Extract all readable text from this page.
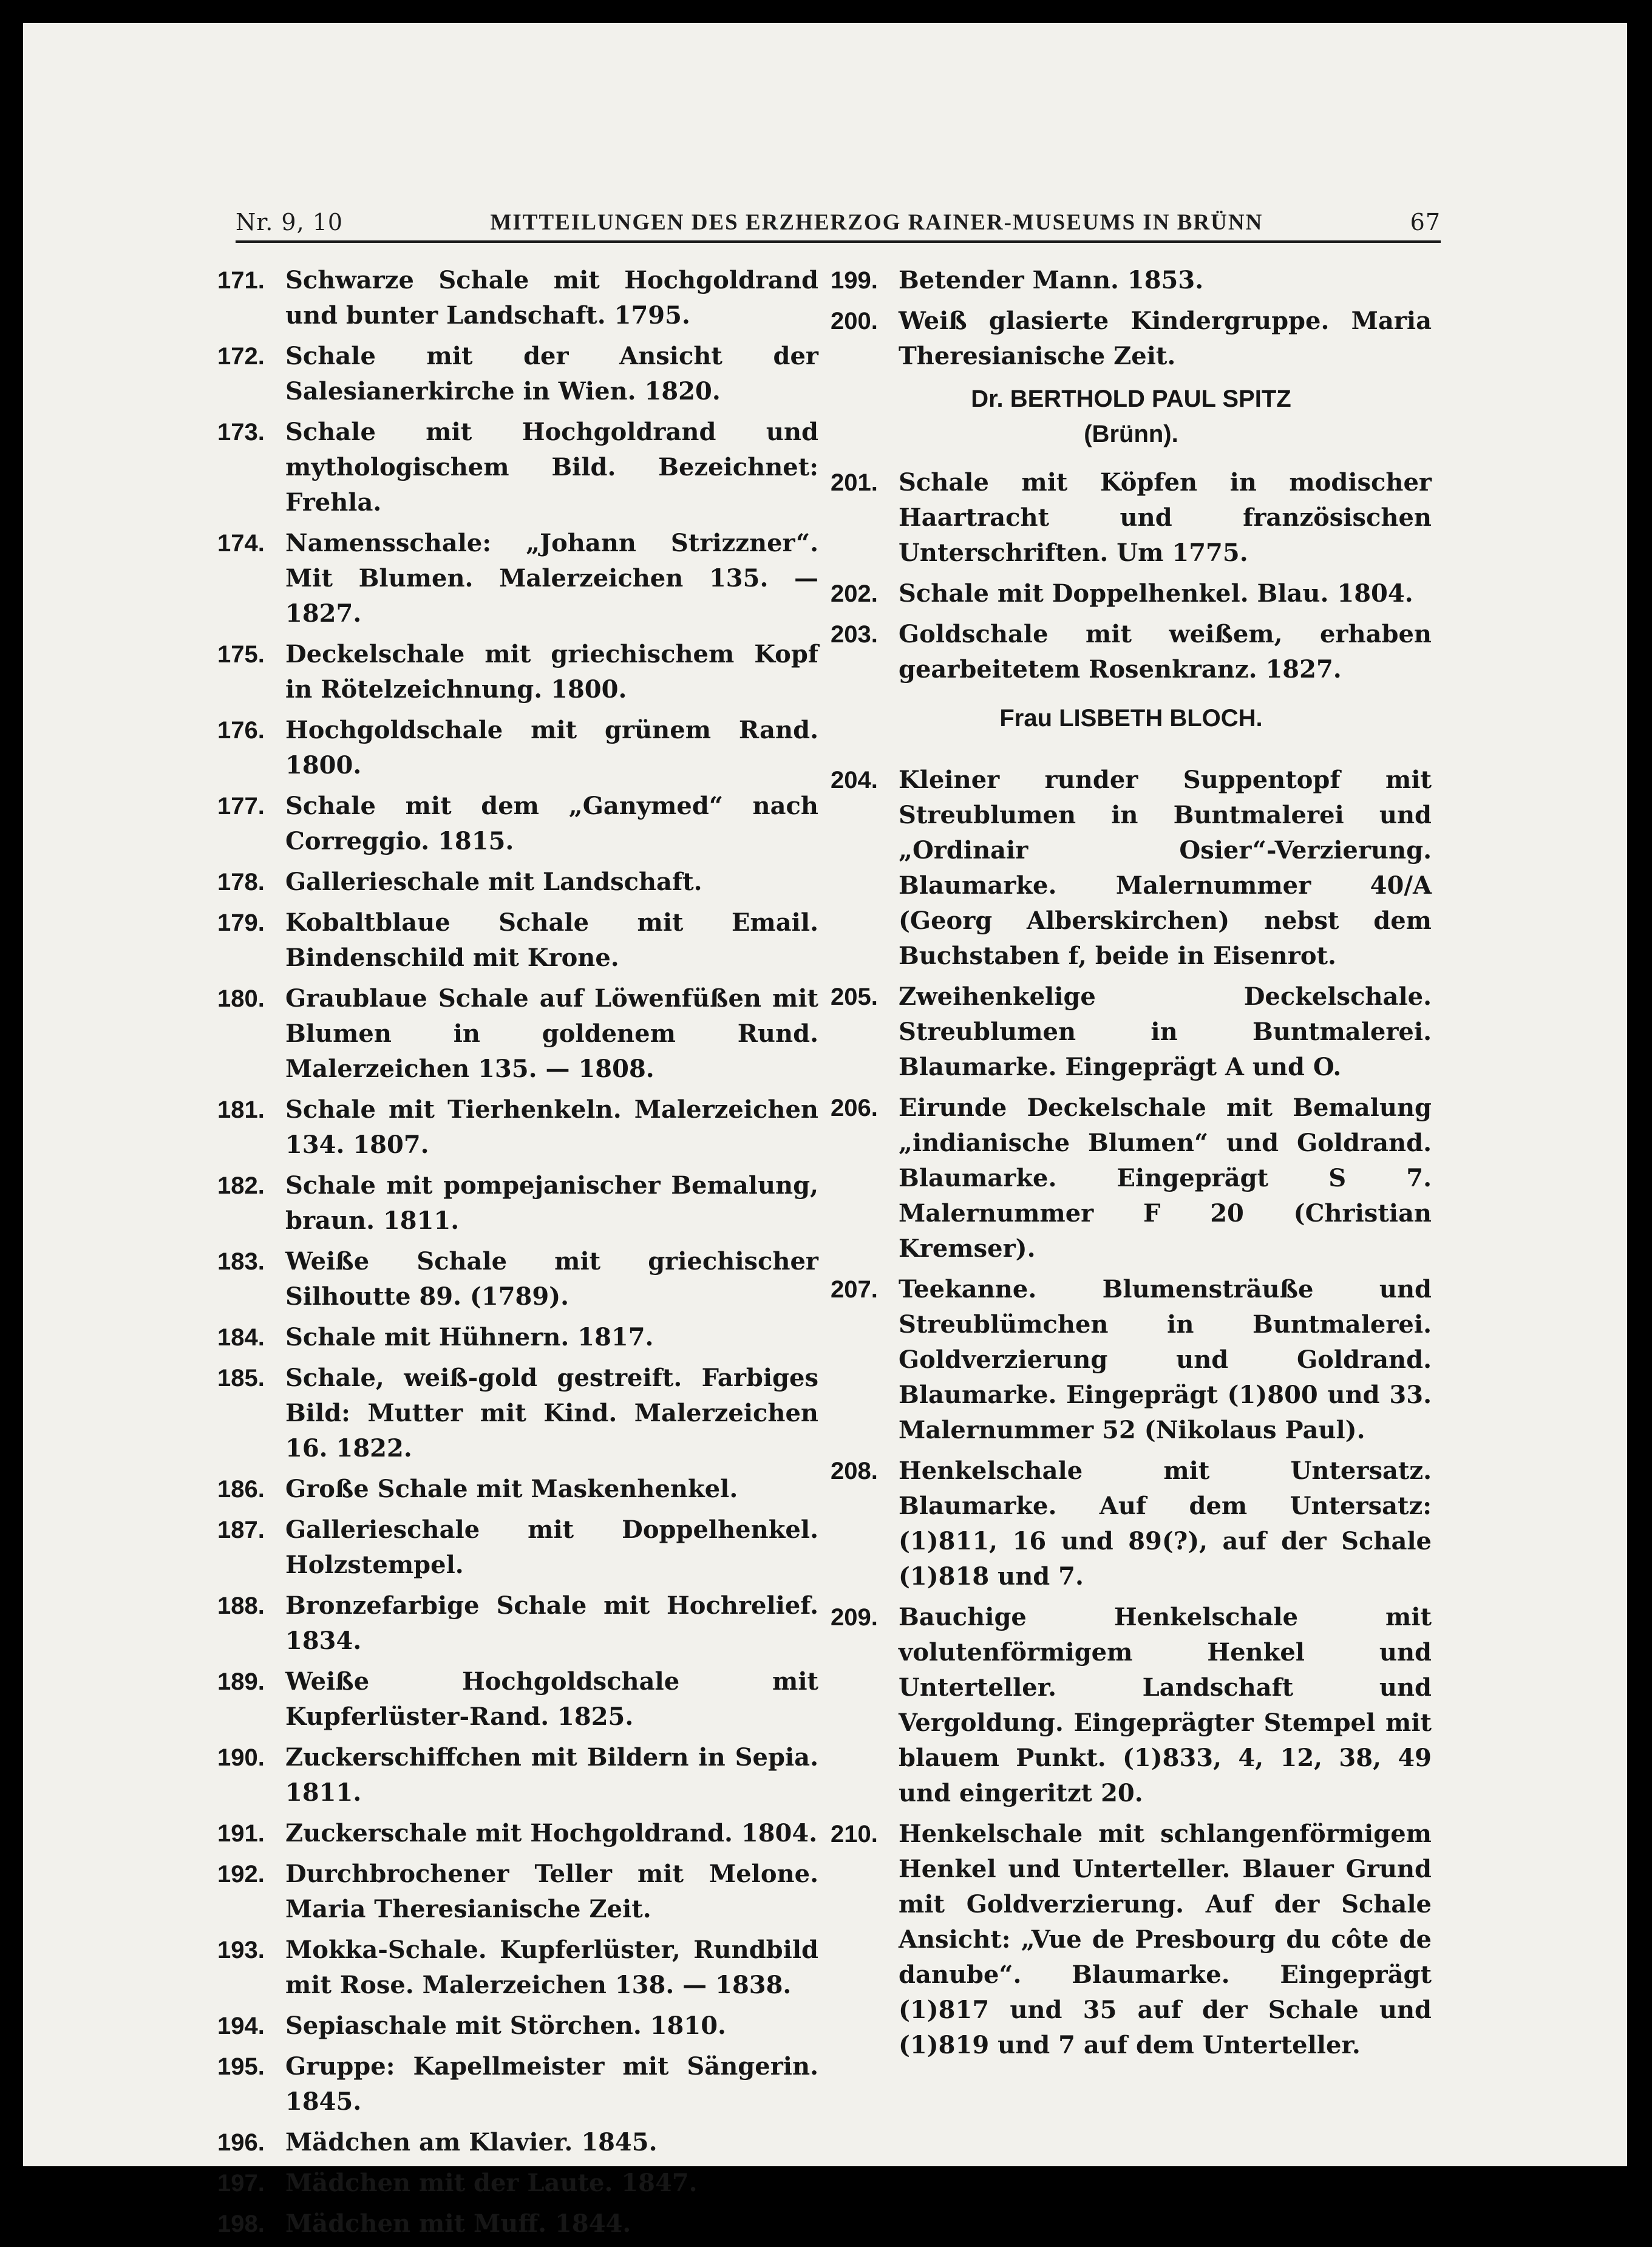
Nr. 9, 10	MITTEILUNGEN DES ERZHERZOG RAINER-MUSEUMS IN BRÜNN	67
171. Schwarze Schale mit Hochgoldrand und bunter Landschaft. 1795.
172. Schale mit der Ansicht der Salesianerkirche in Wien. 1820.
173. Schale mit Hochgoldrand und mythologischem Bild. Bezeichnet: Frehla.
174. Namensschale: „Johann Strizzner“. Mit Blumen. Malerzeichen 135. — 1827.
175. Deckelschale mit griechischem Kopf in Rötelzeichnung. 1800.
176. Hochgoldschale mit grünem Rand. 1800.
177. Schale mit dem „Ganymed“ nach Correggio. 1815.
178. Gallerieschale mit Landschaft.
179. Kobaltblaue Schale mit Email. Bindenschild mit Krone.
180. Graublaue Schale auf Löwenfüßen mit Blumen in goldenem Rund. Malerzeichen 135. — 1808.
181. Schale mit Tierhenkeln. Malerzeichen 134. 1807.
182. Schale mit pompejanischer Bemalung, braun. 1811.
183. Weiße Schale mit griechischer Silhoutte 89. (1789).
184. Schale mit Hühnern. 1817.
185. Schale, weiß-gold gestreift. Farbiges Bild: Mutter mit Kind. Malerzeichen 16. 1822.
186. Große Schale mit Maskenhenkel.
187. Gallerieschale mit Doppelhenkel. Holzstempel.
188. Bronzefarbige Schale mit Hochrelief. 1834.
189. Weiße Hochgoldschale mit Kupferlüster-Rand. 1825.
190. Zuckerschiffchen mit Bildern in Sepia. 1811.
191. Zuckerschale mit Hochgoldrand. 1804.
192. Durchbrochener Teller mit Melone. Maria Theresianische Zeit.
193. Mokka-Schale. Kupferlüster, Rundbild mit Rose. Malerzeichen 138. — 1838.
194. Sepiaschale mit Störchen. 1810.
195. Gruppe: Kapellmeister mit Sängerin. 1845.
196. Mädchen am Klavier. 1845.
197. Mädchen mit der Laute. 1847.
198. Mädchen mit Muff. 1844.
199. Betender Mann. 1853.
200. Weiß glasierte Kindergruppe. Maria Theresianische Zeit.
Dr. BERTHOLD PAUL SPITZ
(Brünn).
201. Schale mit Köpfen in modischer Haartracht und französischen Unterschriften. Um 1775.
202. Schale mit Doppelhenkel. Blau. 1804.
203. Goldschale mit weißem, erhaben gearbeitetem Rosenkranz. 1827.
Frau LISBETH BLOCH.
204. Kleiner runder Suppentopf mit Streublumen in Buntmalerei und „Ordinair Osier“-Verzierung. Blaumarke. Malernummer 40/A (Georg Alberskirchen) nebst dem Buchstaben f, beide in Eisenrot.
205. Zweihenkelige Deckelschale. Streublumen in Buntmalerei. Blaumarke. Eingeprägt A und O.
206. Eirunde Deckelschale mit Bemalung „indianische Blumen“ und Goldrand. Blaumarke. Eingeprägt S 7. Malernummer F 20 (Christian Kremser).
207. Teekanne. Blumensträuße und Streublümchen in Buntmalerei. Goldverzierung und Goldrand. Blaumarke. Eingeprägt (1)800 und 33. Malernummer 52 (Nikolaus Paul).
208. Henkelschale mit Untersatz. Blaumarke. Auf dem Untersatz: (1)811, 16 und 89(?), auf der Schale (1)818 und 7.
209. Bauchige Henkelschale mit volutenförmigem Henkel und Unterteller. Landschaft und Vergoldung. Eingeprägter Stempel mit blauem Punkt. (1)833, 4, 12, 38, 49 und eingeritzt 20.
210. Henkelschale mit schlangenförmigem Henkel und Unterteller. Blauer Grund mit Goldverzierung. Auf der Schale Ansicht: „Vue de Presbourg du côte de danube“. Blaumarke. Eingeprägt (1)817 und 35 auf der Schale und (1)819 und 7 auf dem Unterteller.
